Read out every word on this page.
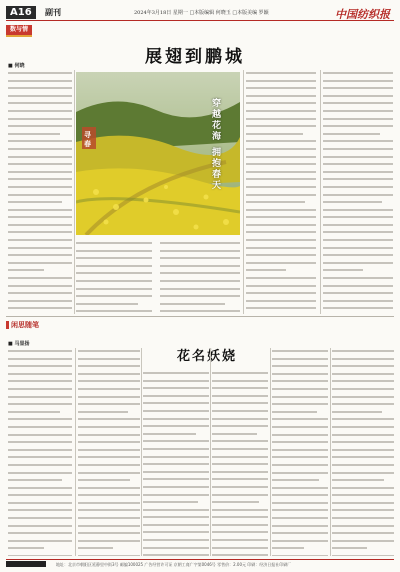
A16	副刊	2024年3月18日 星期一 □本版编辑 何晓玉 □本版美编 罗颖	中国纺织报
数与情
■ 何晓	展翅到鹏城
寻
春	穿越花海 拥抱春天
闲思随笔
■ 马显扬
花名妖娆
地址：北京市朝阳区延静里中街3号 邮编100025 广告经营许可证 京朝工商广字第0046号 零售价：2.00元 印刷：经济日报社印刷厂
